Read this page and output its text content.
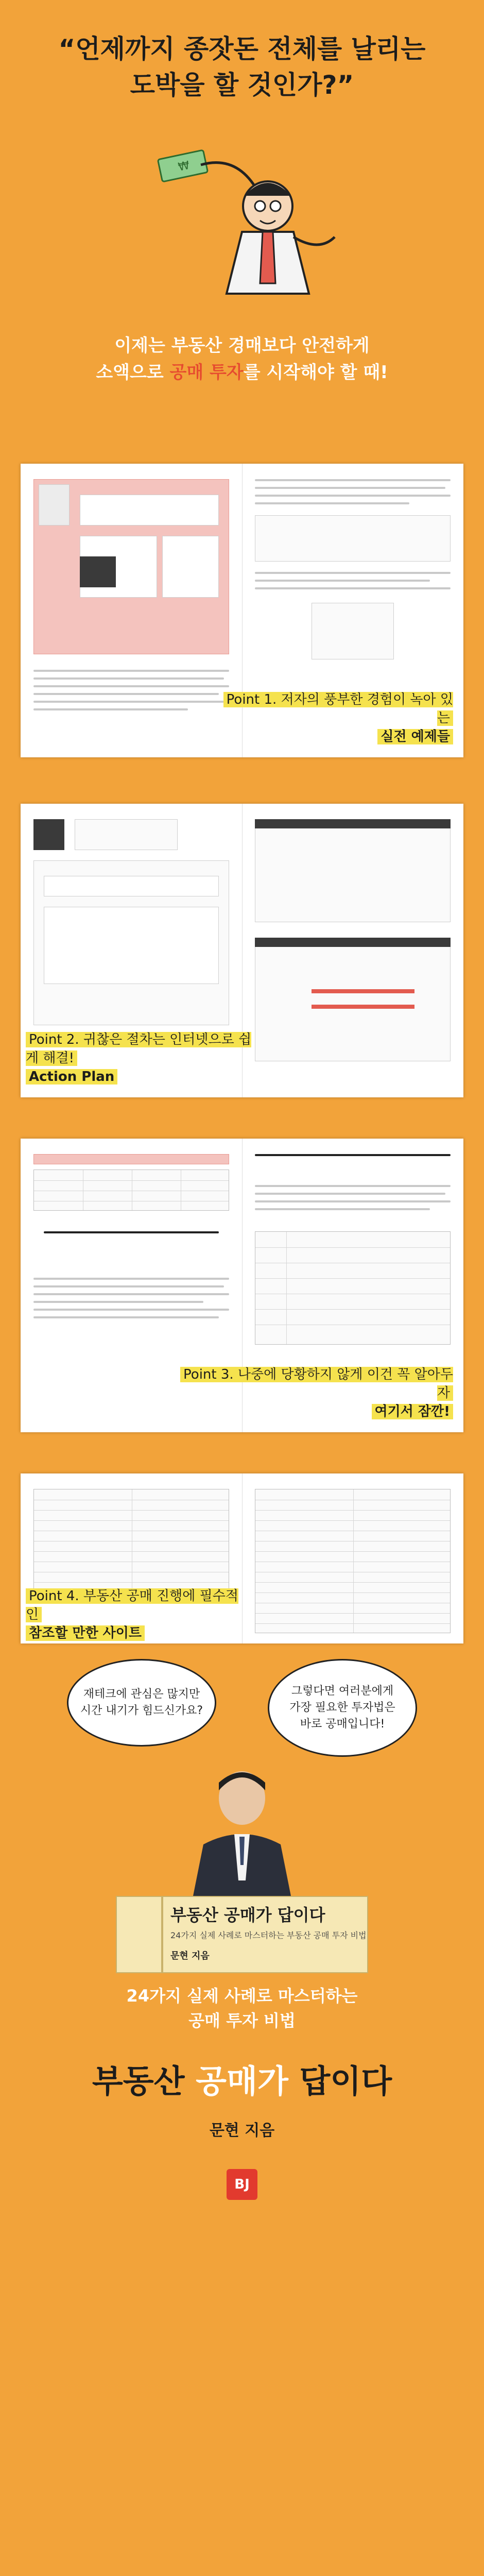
“언제까지 종잣돈 전체를 날리는
도박을 할 것인가?”
₩
이제는 부동산 경매보다 안전하게
소액으로 공매 투자를 시작해야 할 때!
Point 1. 저자의 풍부한 경험이 녹아 있는
실전 예제들
Point 2. 귀찮은 절차는 인터넷으로 쉽게 해결!
Action Plan
Point 3. 나중에 당황하지 않게 이건 꼭 알아두자
여기서 잠깐!
Point 4. 부동산 공매 진행에 필수적인
참조할 만한 사이트
재테크에 관심은 많지만
시간 내기가 힘드신가요?
그렇다면 여러분에게
가장 필요한 투자법은
바로 공매입니다!
부동산 공매가 답이다
24가지 실제 사례로 마스터하는 부동산 공매 투자 비법
문현 지음
24가지 실제 사례로 마스터하는
공매 투자 비법
부동산 공매가 답이다
문현 지음
BJ
